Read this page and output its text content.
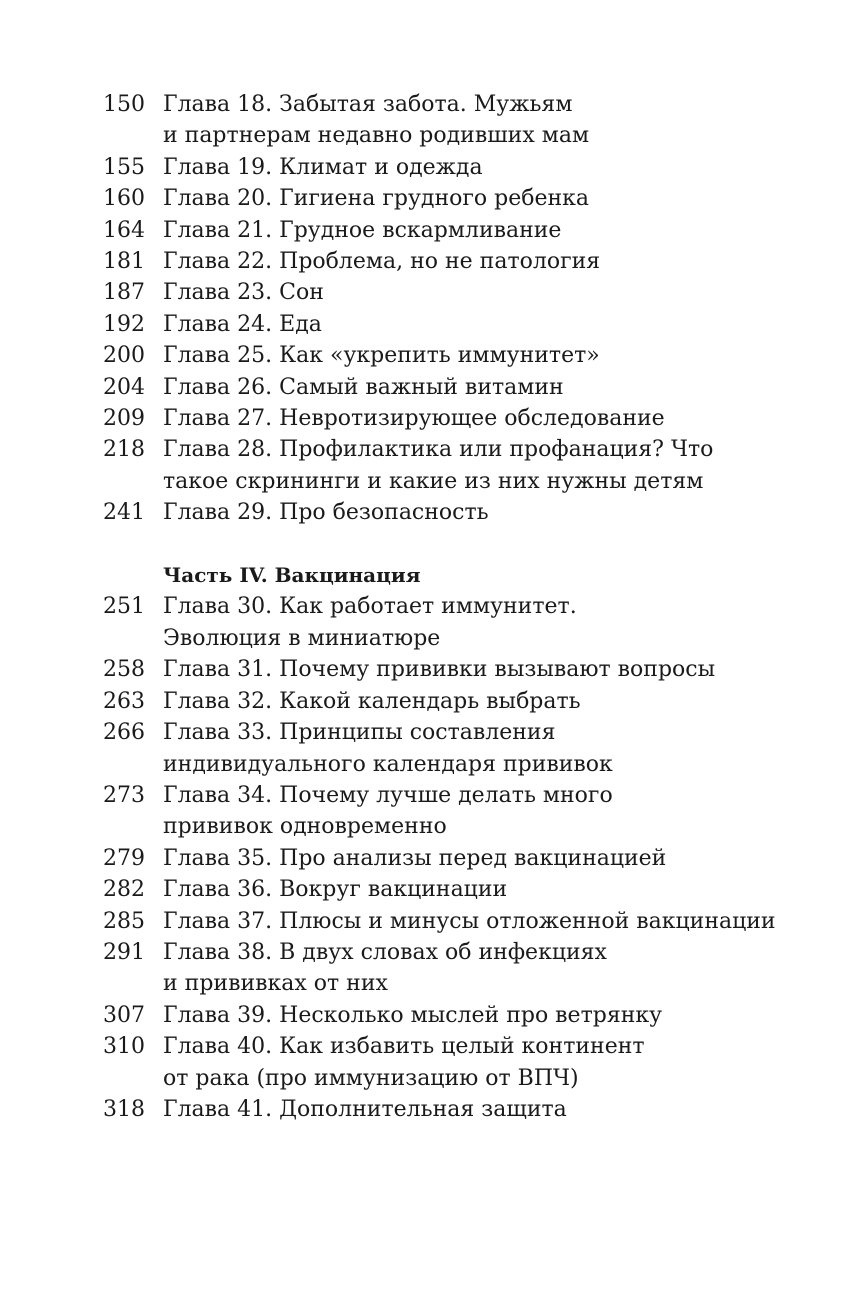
150 Глава 18. Забытая забота. Мужьям
и партнерам недавно родивших мам
155 Глава 19. Климат и одежда
160 Глава 20. Гигиена грудного ребенка
164 Глава 21. Грудное вскармливание
181 Глава 22. Проблема, но не патология
187 Глава 23. Сон
192 Глава 24. Еда
200 Глава 25. Как «укрепить иммунитет»
204 Глава 26. Самый важный витамин
209 Глава 27. Невротизирующее обследование
218 Глава 28. Профилактика или профанация? Что
такое скрининги и какие из них нужны детям
241 Глава 29. Про безопасность
Часть IV. Вакцинация
251 Глава 30. Как работает иммунитет.
Эволюция в миниатюре
258 Глава 31. Почему прививки вызывают вопросы
263 Глава 32. Какой календарь выбрать
266 Глава 33. Принципы составления
индивидуального календаря прививок
273 Глава 34. Почему лучше делать много
прививок одновременно
279 Глава 35. Про анализы перед вакцинацией
282 Глава 36. Вокруг вакцинации
285 Глава 37. Плюсы и минусы отложенной вакцинации
291 Глава 38. В двух словах об инфекциях
и прививках от них
307 Глава 39. Несколько мыслей про ветрянку
310 Глава 40. Как избавить целый континент
от рака (про иммунизацию от ВПЧ)
318 Глава 41. Дополнительная защита
